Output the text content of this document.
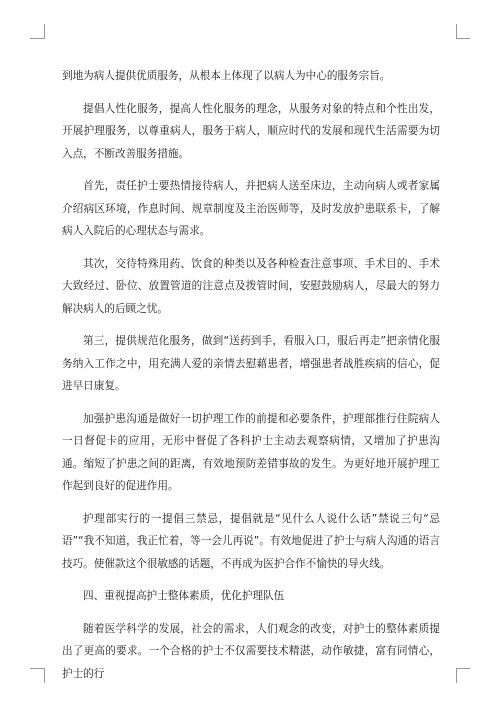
到地为病人提供优质服务，从根本上体现了以病人为中心的服务宗旨。

提倡人性化服务，提高人性化服务的理念，从服务对象的特点和个性出发，开展护理服务，以尊重病人，服务于病人，顺应时代的发展和现代生活需要为切入点，不断改善服务措施。

首先，责任护士要热情接待病人，并把病人送至床边，主动向病人或者家属介绍病区环境，作息时间、规章制度及主治医师等，及时发放护患联系卡，了解病人入院后的心理状态与需求。

其次，交待特殊用药、饮食的种类以及各种检查注意事项、手术目的、手术大致经过、卧位、放置管道的注意点及拨管时间，安慰鼓励病人，尽最大的努力解决病人的后顾之忧。

第三，提供规范化服务，做到“送药到手，看服入口，服后再走”把亲情化服务纳入工作之中，用充满人爱的亲情去慰藉患者，增强患者战胜疾病的信心，促进早日康复。

加强护患沟通是做好一切护理工作的前提和必要条件，护理部推行住院病人一日督促卡的应用，无形中督促了各科护士主动去观察病情，又增加了护患沟通。缩短了护患之间的距离，有效地预防差错事故的发生。为更好地开展护理工作起到良好的促进作用。

护理部实行的一提倡三禁忌，提倡就是“见什么人说什么话”禁说三句“忌语”“我不知道，我正忙着，等一会儿再说”。有效地促进了护士与病人沟通的语言技巧。使催款这个很敏感的话题，不再成为医护合作不愉快的导火线。

四、重视提高护士整体素质，优化护理队伍

随着医学科学的发展，社会的需求，人们观念的改变，对护士的整体素质提出了更高的要求。一个合格的护士不仅需要技术精湛，动作敏捷，富有同情心，护士的行
